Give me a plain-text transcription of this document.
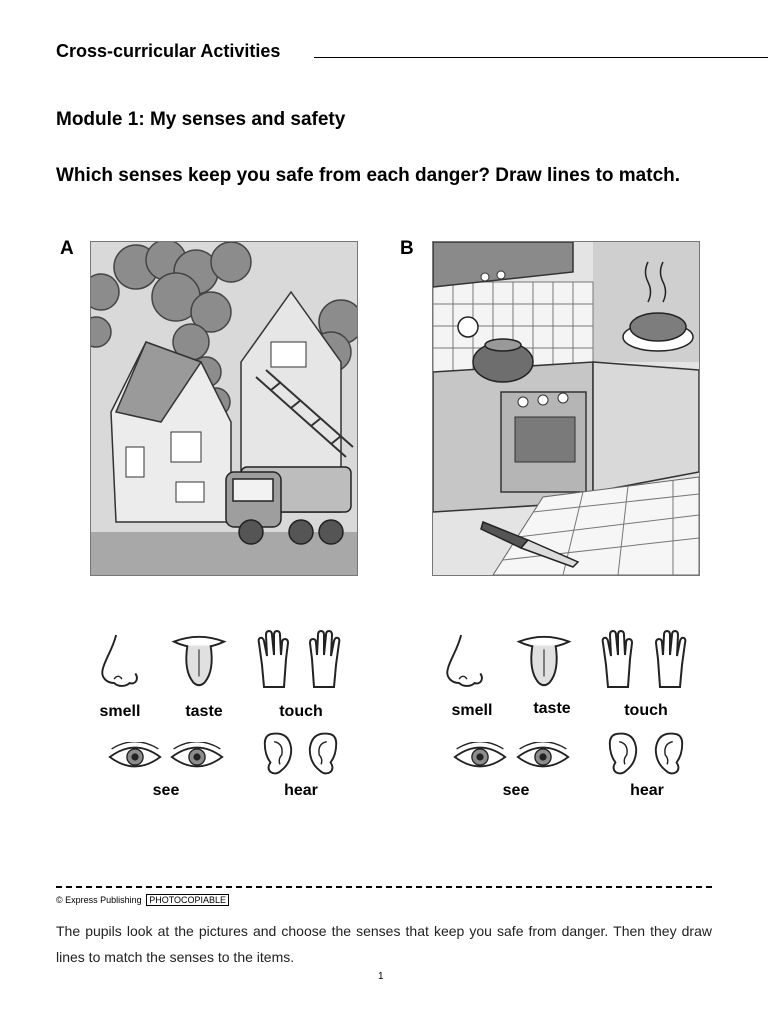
Cross-curricular Activities
Module 1: My senses and safety
Which senses keep you safe from each danger? Draw lines to match.
A	B
smell	taste	touch
see	hear
smell	taste	touch
see	hear
© Express Publishing PHOTOCOPIABLE
The pupils look at the pictures and choose the senses that keep you safe from danger. Then they draw lines to match the senses to the items.
1
